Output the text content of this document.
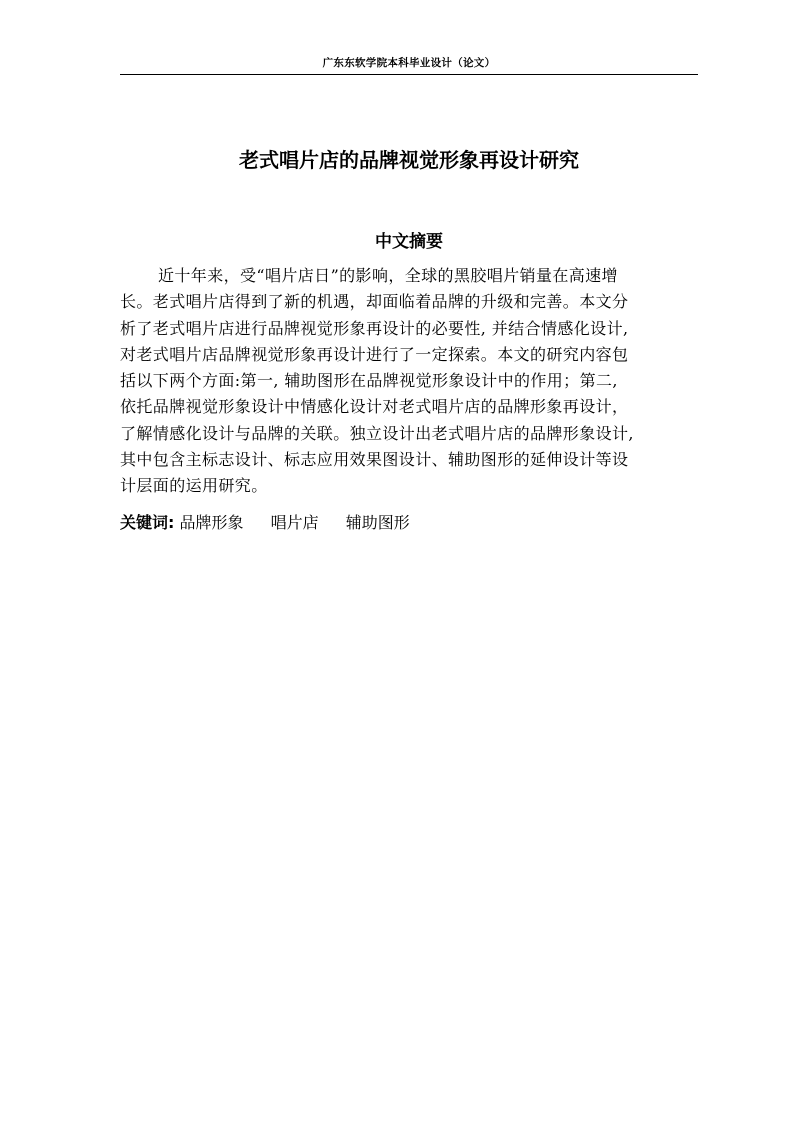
广东东软学院本科毕业设计（论文）
老式唱片店的品牌视觉形象再设计研究
中文摘要
近十年来，受“唱片店日”的影响，全球的黑胶唱片销量在高速增
长。老式唱片店得到了新的机遇，却面临着品牌的升级和完善。本文分
析了老式唱片店进行品牌视觉形象再设计的必要性, 并结合情感化设计,
对老式唱片店品牌视觉形象再设计进行了一定探索。本文的研究内容包
括以下两个方面:第一, 辅助图形在品牌视觉形象设计中的作用；第二,
依托品牌视觉形象设计中情感化设计对老式唱片店的品牌形象再设计，
了解情感化设计与品牌的关联。独立设计出老式唱片店的品牌形象设计,
其中包含主标志设计、标志应用效果图设计、辅助图形的延伸设计等设
计层面的运用研究。
关键词: 品牌形象 唱片店 辅助图形
